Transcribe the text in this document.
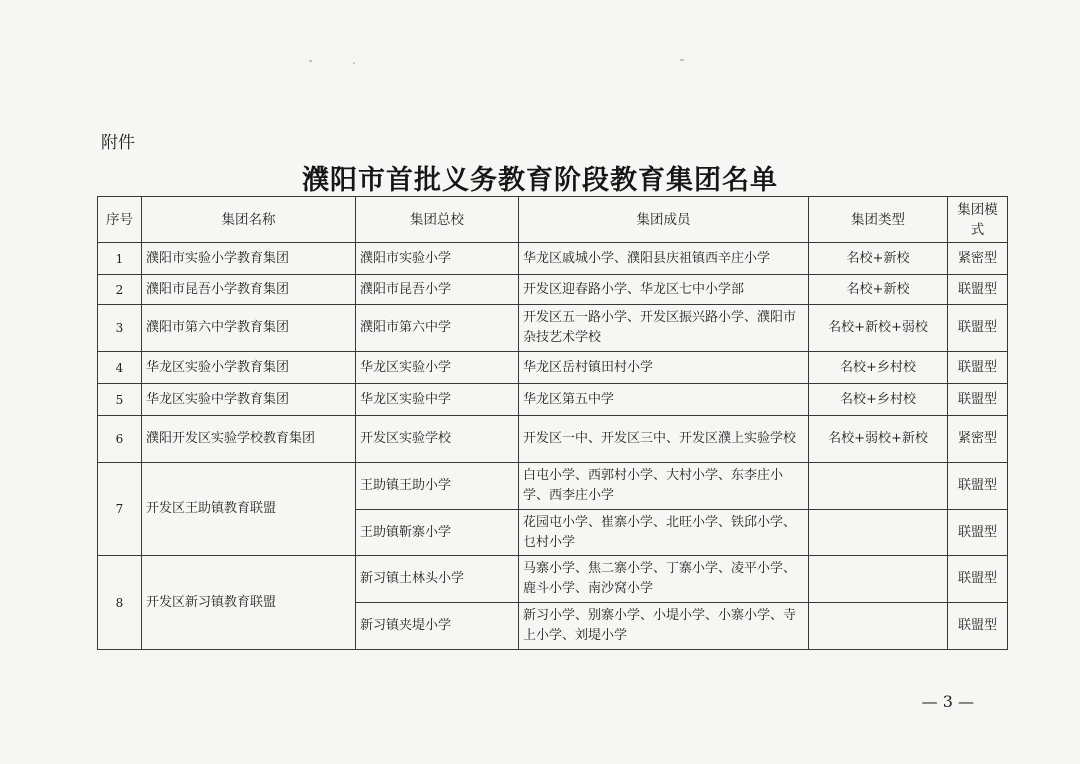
附件
濮阳市首批义务教育阶段教育集团名单
序号	集团名称	集团总校	集团成员	集团类型	集团模式
1	濮阳市实验小学教育集团	濮阳市实验小学	华龙区戚城小学、濮阳县庆祖镇西辛庄小学	名校+新校	紧密型
2	濮阳市昆吾小学教育集团	濮阳市昆吾小学	开发区迎春路小学、华龙区七中小学部	名校+新校	联盟型
3	濮阳市第六中学教育集团	濮阳市第六中学	开发区五一路小学、开发区振兴路小学、濮阳市杂技艺术学校	名校+新校+弱校	联盟型
4	华龙区实验小学教育集团	华龙区实验小学	华龙区岳村镇田村小学	名校+乡村校	联盟型
5	华龙区实验中学教育集团	华龙区实验中学	华龙区第五中学	名校+乡村校	联盟型
6	濮阳开发区实验学校教育集团	开发区实验学校	开发区一中、开发区三中、开发区濮上实验学校	名校+弱校+新校	紧密型
7	开发区王助镇教育联盟	王助镇王助小学	白屯小学、西郭村小学、大村小学、东李庄小学、西李庄小学		联盟型
		王助镇靳寨小学	花园屯小学、崔寨小学、北旺小学、铁邱小学、乜村小学		联盟型
8	开发区新习镇教育联盟	新习镇土林头小学	马寨小学、焦二寨小学、丁寨小学、凌平小学、鹿斗小学、南沙窝小学		联盟型
		新习镇夹堤小学	新习小学、别寨小学、小堤小学、小寨小学、寺上小学、刘堤小学		联盟型
— 3 —
